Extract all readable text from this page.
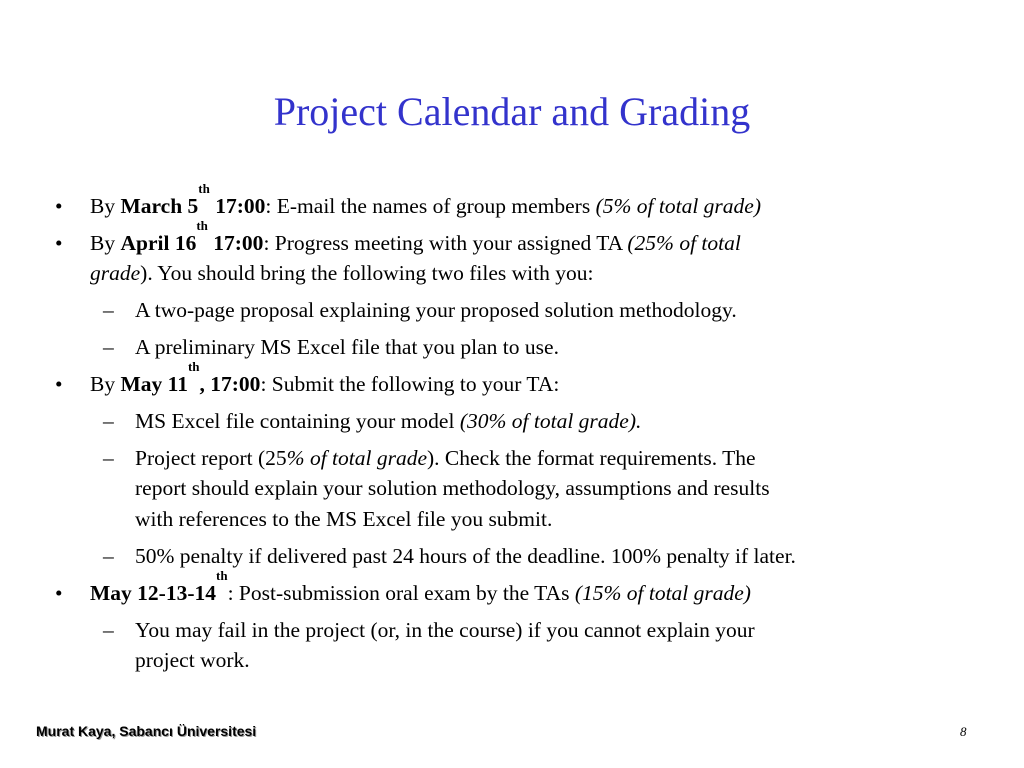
Project Calendar and Grading
• By March 5th 17:00: E-mail the names of group members (5% of total grade)
• By April 16th 17:00: Progress meeting with your assigned TA (25% of total
grade). You should bring the following two files with you:
– A two-page proposal explaining your proposed solution methodology.
– A preliminary MS Excel file that you plan to use.
• By May 11th, 17:00: Submit the following to your TA:
– MS Excel file containing your model (30% of total grade).
– Project report (25% of total grade). Check the format requirements. The
report should explain your solution methodology, assumptions and results
with references to the MS Excel file you submit.
– 50% penalty if delivered past 24 hours of the deadline. 100% penalty if later.
• May 12-13-14th: Post-submission oral exam by the TAs (15% of total grade)
– You may fail in the project (or, in the course) if you cannot explain your
project work.
Murat Kaya, Sabancı Üniversitesi	8
